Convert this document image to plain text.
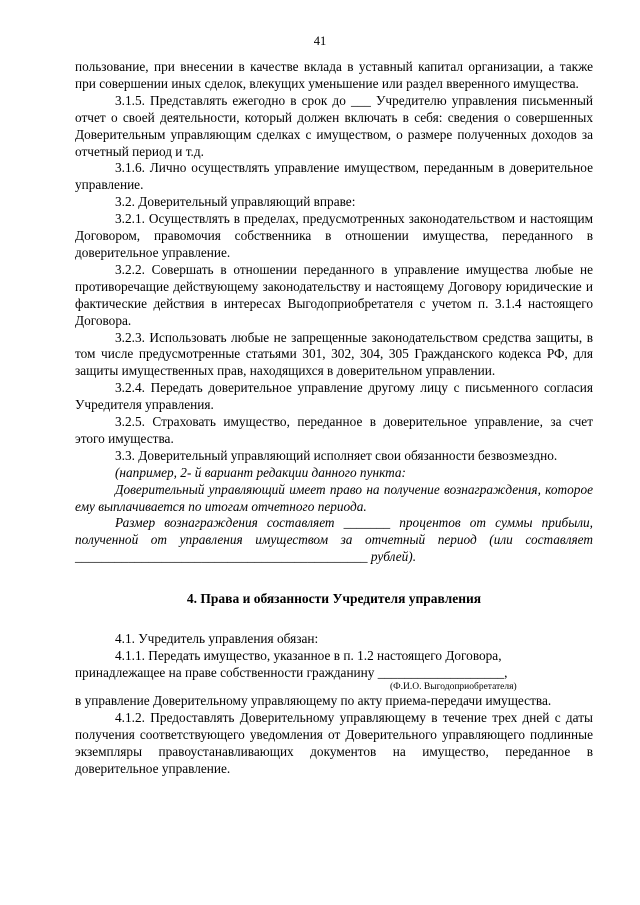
41

пользование, при внесении в качестве вклада в уставный капитал организации, а также при совершении иных сделок, влекущих уменьшение или раздел вверенного имущества.

3.1.5. Представлять ежегодно в срок до ___ Учредителю управления письменный отчет о своей деятельности, который должен включать в себя: сведения о совершенных Доверительным управляющим сделках с имуществом, о размере полученных доходов за отчетный период и т.д.

3.1.6. Лично осуществлять управление имуществом, переданным в доверительное управление.

3.2. Доверительный управляющий вправе:

3.2.1. Осуществлять в пределах, предусмотренных законодательством и настоящим Договором, правомочия собственника в отношении имущества, переданного в доверительное управление.

3.2.2. Совершать в отношении переданного в управление имущества любые не противоречащие действующему законодательству и настоящему Договору юридические и фактические действия в интересах Выгодоприобретателя с учетом п. 3.1.4 настоящего Договора.

3.2.3. Использовать любые не запрещенные законодательством средства защиты, в том числе предусмотренные статьями 301, 302, 304, 305 Гражданского кодекса РФ, для защиты имущественных прав, находящихся в доверительном управлении.

3.2.4. Передать доверительное управление другому лицу с письменного согласия Учредителя управления.

3.2.5. Страховать имущество, переданное в доверительное управление, за счет этого имущества.

3.3. Доверительный управляющий исполняет свои обязанности безвозмездно.

(например, 2- й вариант редакции данного пункта:

Доверительный управляющий имеет право на получение вознаграждения, которое ему выплачивается по итогам отчетного периода.

Размер вознаграждения составляет _______ процентов от суммы прибыли, полученной от управления имуществом за отчетный период (или составляет ____________________________________________ рублей).

4. Права и обязанности Учредителя управления

4.1. Учредитель управления обязан:

4.1.1. Передать имущество, указанное в п. 1.2 настоящего Договора,

принадлежащее на праве собственности гражданину ___________________,

(Ф.И.О. Выгодоприобретателя)

в управление Доверительному управляющему по акту приема-передачи имущества.

4.1.2. Предоставлять Доверительному управляющему в течение трех дней с даты получения соответствующего уведомления от Доверительного управляющего подлинные экземпляры правоустанавливающих документов на имущество, переданное в доверительное управление.
